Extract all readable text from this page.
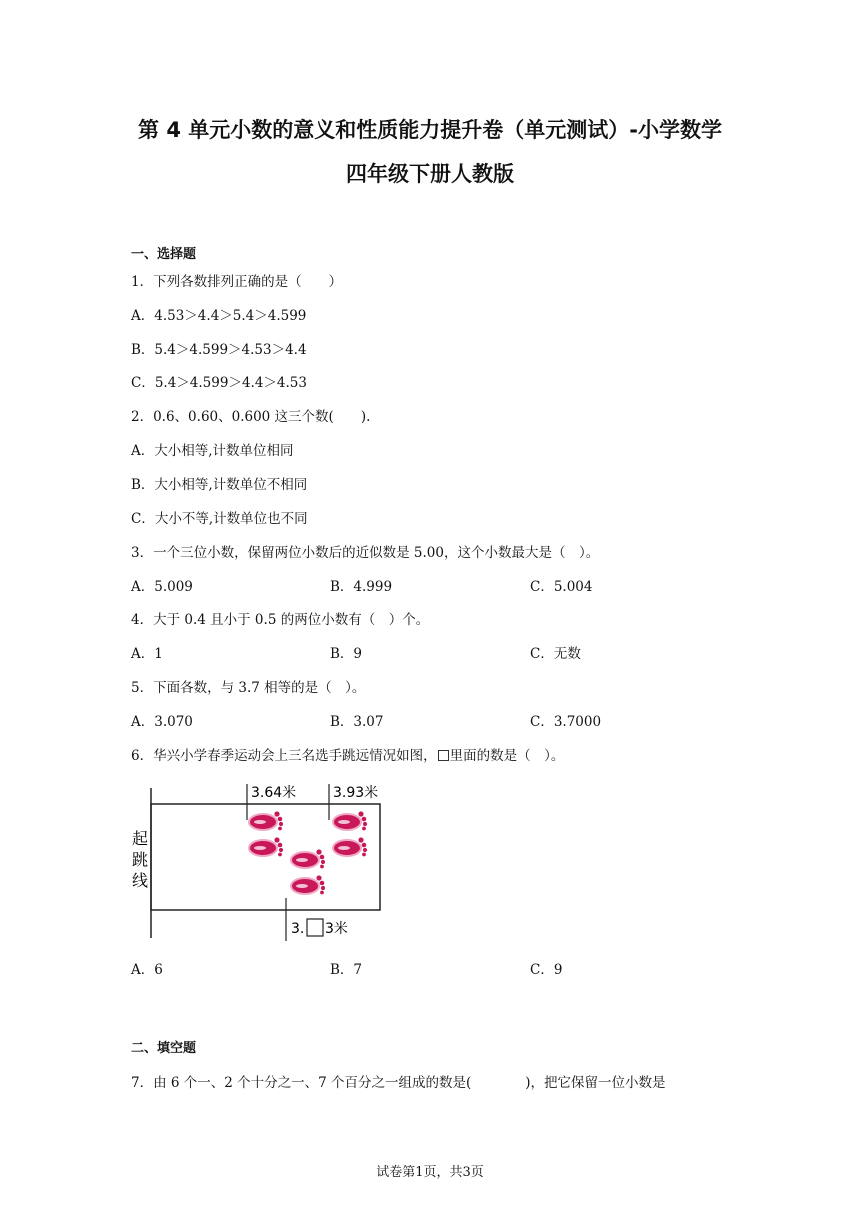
第 4 单元小数的意义和性质能力提升卷（单元测试）-小学数学
四年级下册人教版
一、选择题
1．下列各数排列正确的是（　　）
A．4.53＞4.4＞5.4＞4.599
B．5.4＞4.599＞4.53＞4.4
C．5.4＞4.599＞4.4＞4.53
2．0.6、0.60、0.600 这三个数(　　).
A．大小相等,计数单位相同
B．大小相等,计数单位不相同
C．大小不等,计数单位也不同
3．一个三位小数，保留两位小数后的近似数是 5.00，这个小数最大是（　）。
A．5.009	B．4.999	C．5.004
4．大于 0.4 且小于 0.5 的两位小数有（　）个。
A．1	B．9	C．无数
5．下面各数，与 3.7 相等的是（　）。
A．3.070	B．3.07	C．3.7000
6．华兴小学春季运动会上三名选手跳远情况如图， 里面的数是（　）。
起
跳
线
3.64米	3.93米
3. 3米
A．6	B．7	C．9
二、填空题
7．由 6 个一、2 个十分之一、7 个百分之一组成的数是(　　　　)，把它保留一位小数是
试卷第1页，共3页
